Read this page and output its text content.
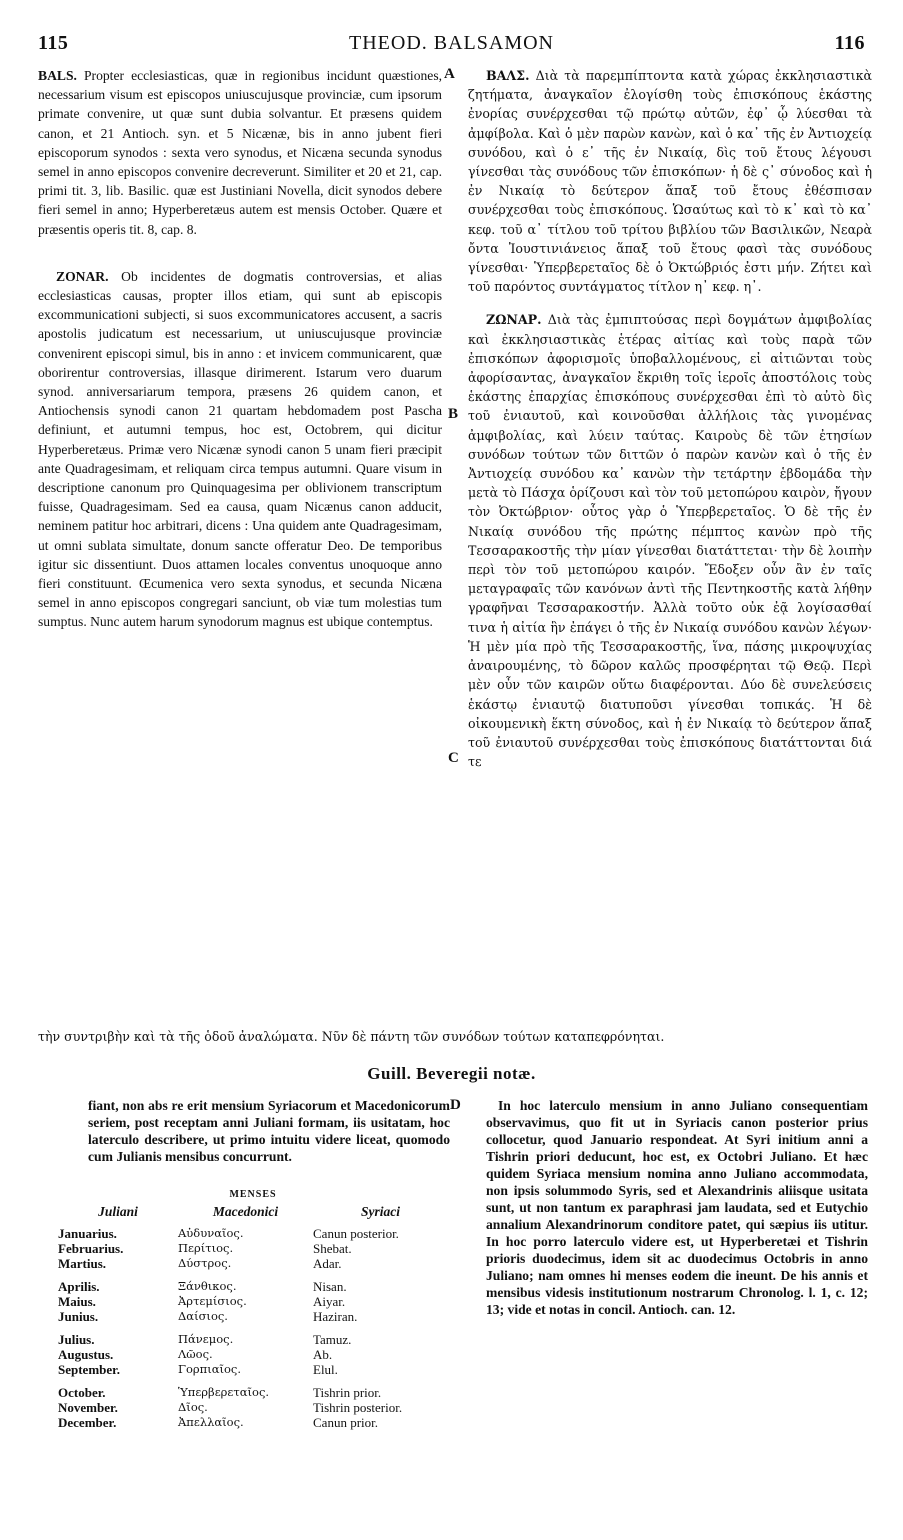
115	THEOD. BALSAMON	116
A
B
C
D

BALS. Propter ecclesiasticas, quæ in regionibus incidunt quæstiones, necessarium visum est episcopos uniuscujusque provinciæ, cum ipsorum primate convenire, ut quæ sunt dubia solvantur. Et præsens quidem canon, et 21 Antioch. syn. et 5 Nicænæ, bis in anno jubent fieri episcoporum synodos : sexta vero synodus, et Nicæna secunda synodus semel in anno episcopos convenire decreverunt. Similiter et 20 et 21, cap. primi tit. 3, lib. Basilic. quæ est Justiniani Novella, dicit synodos debere fieri semel in anno; Hyperberetæus autem est mensis October. Quære et præsentis operis tit. 8, cap. 8.

ZONAR. Ob incidentes de dogmatis controversias, et alias ecclesiasticas causas, propter illos etiam, qui sunt ab episcopis excommunicationi subjecti, si suos excommunicatores accusent, a sacris apostolis judicatum est necessarium, ut uniuscujusque provinciæ convenirent episcopi simul, bis in anno : et invicem communicarent, quæ oborirentur controversias, illasque dirimerent. Istarum vero duarum synod. anniversariarum tempora, præsens 26 quidem canon, et Antiochensis synodi canon 21 quartam hebdomadem post Pascha definiunt, et autumni tempus, hoc est, Octobrem, qui dicitur Hyperberetæus. Primæ vero Nicænæ synodi canon 5 unam fieri præcipit ante Quadragesimam, et reliquam circa tempus autumni. Quare visum in descriptione canonum pro Quinquagesima per oblivionem transcriptum fuisse, Quadragesimam. Sed ea causa, quam Nicænus canon adducit, neminem patitur hoc arbitrari, dicens : Una quidem ante Quadragesimam, ut omni sublata simultate, donum sancte offeratur Deo. De temporibus igitur sic dissentiunt. Duos attamen locales conventus unoquoque anno fieri constituunt. Œcumenica vero sexta synodus, et secunda Nicæna semel in anno episcopos congregari sanciunt, ob viæ tum molestias tum sumptus. Nunc autem harum synodorum magnus est ubique contemptus.

ΒΑΛΣ. Διὰ τὰ παρεμπίπτοντα κατὰ χώρας ἐκκλησιαστικὰ ζητήματα, ἀναγκαῖον ἐλογίσθη τοὺς ἐπισκόπους ἑκάστης ἐνορίας συνέρχεσθαι τῷ πρώτῳ αὐτῶν, ἐφ᾽ ᾧ λύεσθαι τὰ ἀμφίβολα. Καὶ ὁ μὲν παρὼν κανὼν, καὶ ὁ κα᾽ τῆς ἐν Ἀντιοχείᾳ συνόδου, καὶ ὁ ε᾽ τῆς ἐν Νικαίᾳ, δὶς τοῦ ἔτους λέγουσι γίνεσθαι τὰς συνόδους τῶν ἐπισκόπων· ἡ δὲ ς᾽ σύνοδος καὶ ἡ ἐν Νικαίᾳ τὸ δεύτερον ἅπαξ τοῦ ἔτους ἐθέσπισαν συνέρχεσθαι τοὺς ἐπισκόπους. Ὡσαύτως καὶ τὸ κ᾽ καὶ τὸ κα᾽ κεφ. τοῦ α᾽ τίτλου τοῦ τρίτου βιβλίου τῶν Βασιλικῶν, Νεαρὰ ὄντα Ἰουστινιάνειος ἅπαξ τοῦ ἔτους φασὶ τὰς συνόδους γίνεσθαι· Ὑπερβερεταῖος δὲ ὁ Ὀκτώβριός ἐστι μήν. Ζήτει καὶ τοῦ παρόντος συντάγματος τίτλον η᾽ κεφ. η᾽.

ΖΩΝΑΡ. Διὰ τὰς ἐμπιπτούσας περὶ δογμάτων ἀμφιβολίας καὶ ἐκκλησιαστικὰς ἑτέρας αἰτίας καὶ τοὺς παρὰ τῶν ἐπισκόπων ἀφορισμοῖς ὑποβαλλομένους, εἰ αἰτιῶνται τοὺς ἀφορίσαντας, ἀναγκαῖον ἔκριθη τοῖς ἱεροῖς ἀποστόλοις τοὺς ἑκάστης ἐπαρχίας ἐπισκόπους συνέρχεσθαι ἐπὶ τὸ αὐτὸ δὶς τοῦ ἐνιαυτοῦ, καὶ κοινοῦσθαι ἀλλήλοις τὰς γινομένας ἀμφιβολίας, καὶ λύειν ταύτας. Καιροὺς δὲ τῶν ἐτησίων συνόδων τούτων τῶν διττῶν ὁ παρὼν κανὼν καὶ ὁ τῆς ἐν Ἀντιοχείᾳ συνόδου κα᾽ κανὼν τὴν τετάρτην ἑβδομάδα τὴν μετὰ τὸ Πάσχα ὁρίζουσι καὶ τὸν τοῦ μετοπώρου καιρὸν, ἤγουν τὸν Ὀκτώβριον· οὗτος γὰρ ὁ Ὑπερβερεταῖος. Ὁ δὲ τῆς ἐν Νικαίᾳ συνόδου τῆς πρώτης πέμπτος κανὼν πρὸ τῆς Τεσσαρακοστῆς τὴν μίαν γίνεσθαι διατάττεται· τὴν δὲ λοιπὴν περὶ τὸν τοῦ μετοπώρου καιρόν. Ἔδοξεν οὖν ἂν ἐν ταῖς μεταγραφαῖς τῶν κανόνων ἀντὶ τῆς Πεντηκοστῆς κατὰ λήθην γραφῆναι Τεσσαρακοστήν. Ἀλλὰ τοῦτο οὐκ ἐᾷ λογίσασθαί τινα ἡ αἰτία ἣν ἐπάγει ὁ τῆς ἐν Νικαίᾳ συνόδου κανὼν λέγων· Ἡ μὲν μία πρὸ τῆς Τεσσαρακοστῆς, ἵνα, πάσης μικροψυχίας ἀναιρουμένης, τὸ δῶρον καλῶς προσφέρηται τῷ Θεῷ. Περὶ μὲν οὖν τῶν καιρῶν οὕτω διαφέρονται. Δύο δὲ συνελεύσεις ἑκάστῳ ἐνιαυτῷ διατυποῦσι γίνεσθαι τοπικάς. Ἡ δὲ οἰκουμενικὴ ἕκτη σύνοδος, καὶ ἡ ἐν Νικαίᾳ τὸ δεύτερον ἅπαξ τοῦ ἐνιαυτοῦ συνέρχεσθαι τοὺς ἐπισκόπους διατάττονται διά τε

τὴν συντριβὴν καὶ τὰ τῆς ὁδοῦ ἀναλώματα. Νῦν δὲ πάντη τῶν συνόδων τούτων καταπεφρόνηται.
Guill. Beveregii notæ.

fiant, non abs re erit mensium Syriacorum et Macedonicorum seriem, post receptam anni Juliani formam, iis usitatam, hoc laterculo describere, ut primo intuitu videre liceat, quomodo cum Julianis mensibus concurrunt.

In hoc laterculo mensium in anno Juliano consequentiam observavimus, quo fit ut in Syriacis canon posterior prius collocetur, quod Januario respondeat. At Syri initium anni a Tishrin priori deducunt, hoc est, ex Octobri Juliano. Et hæc quidem Syriaca mensium nomina anno Juliano accommodata, non ipsis solummodo Syris, sed et Alexandrinis aliisque usitata sunt, ut non tantum ex paraphrasi jam laudata, sed et Eutychio annalium Alexandrinorum conditore patet, qui sæpius iis utitur. In hoc porro laterculo videre est, ut Hyperberetæi et Tishrin prioris duodecimus, idem sit ac duodecimus Octobris in anno Juliano; nam omnes hi menses eodem die ineunt. De his annis et mensibus videsis institutionum nostrarum Chronolog. l. 1, c. 12; 13; vide et notas in concil. Antioch. can. 12.

MENSES
Juliani	Macedonici	Syriaci
Januarius.	Αὐδυναῖος.	Canun posterior.
Februarius.	Περίτιος.	Shebat.
Martius.	Δύστρος.	Adar.

Aprilis.	Ξάνθικος.	Nisan.
Maius.	Ἀρτεμίσιος.	Aiyar.
Junius.	Δαίσιος.	Haziran.

Julius.	Πάνεμος.	Tamuz.
Augustus.	Λῶος.	Ab.
September.	Γορπιαῖος.	Elul.

October.	Ὑπερβερεταῖος.	Tishrin prior.
November.	Δῖος.	Tishrin posterior.
December.	Ἀπελλαῖος.	Canun prior.
